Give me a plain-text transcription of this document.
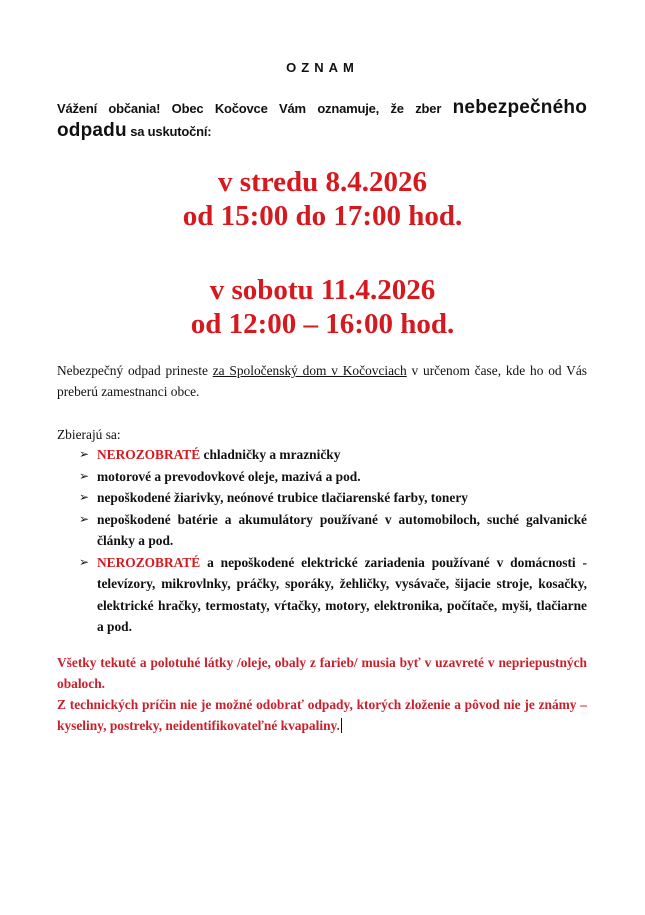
OZNAM
Vážení občania! Obec Kočovce Vám oznamuje, že zber nebezpečného odpadu sa uskutoční:
v stredu 8.4.2026
od 15:00 do 17:00 hod.
v sobotu 11.4.2026
od 12:00 – 16:00 hod.
Nebezpečný odpad prineste za Spoločenský dom v Kočovciach v určenom čase, kde ho od Vás preberú zamestnanci obce.
Zbierajú sa:
➢ NEROZOBRATÉ chladničky a mrazničky
➢ motorové a prevodovkové oleje, mazivá a pod.
➢ nepoškodené žiarivky, neónové trubice tlačiarenské farby, tonery
➢ nepoškodené batérie a akumulátory používané v automobiloch, suché galvanické články a pod.
➢ NEROZOBRATÉ a nepoškodené elektrické zariadenia používané v domácnosti - televízory, mikrovlnky, práčky, sporáky, žehličky, vysávače, šijacie stroje, kosačky, elektrické hračky, termostaty, vŕtačky, motory, elektronika, počítače, myši, tlačiarne a pod.

Všetky tekuté a polotuhé látky /oleje, obaly z farieb/ musia byť v uzavreté v nepriepustných obaloch.

Z technických príčin nie je možné odobrať odpady, ktorých zloženie a pôvod nie je známy – kyseliny, postreky, neidentifikovateľné kvapaliny.
